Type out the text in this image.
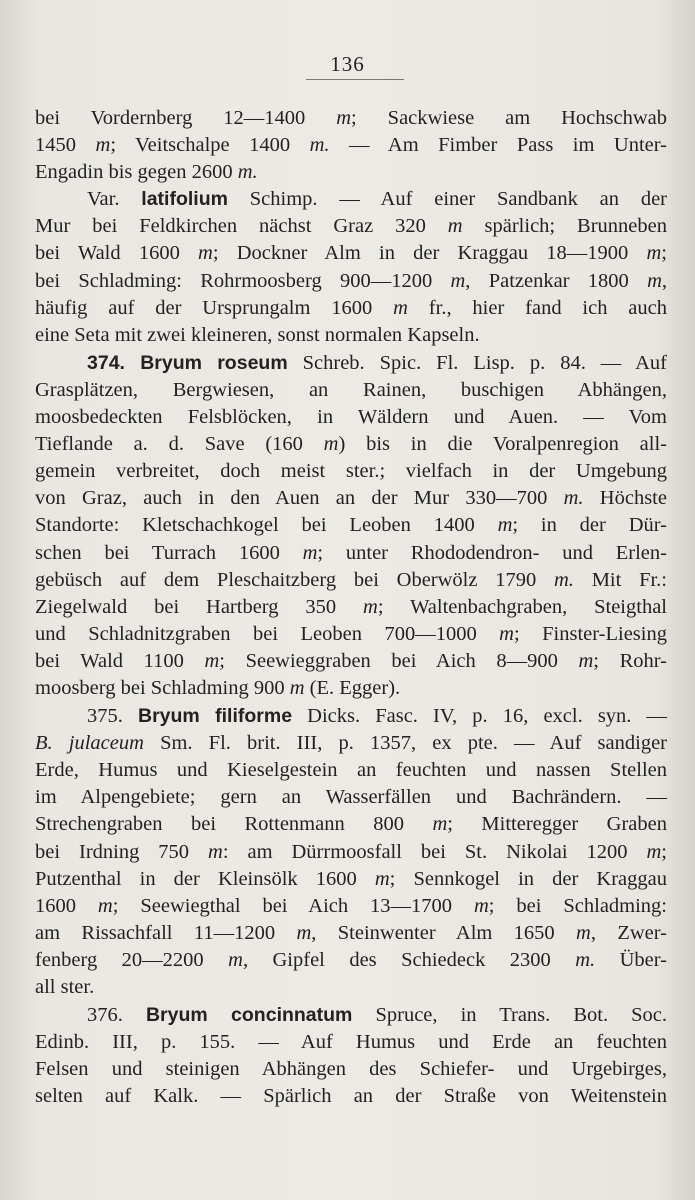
136
bei Vordernberg 12—1400 m; Sackwiese am Hochschwab
1450 m; Veitschalpe 1400 m. — Am Fimber Pass im Unter-
Engadin bis gegen 2600 m.
Var. latifolium Schimp. — Auf einer Sandbank an der
Mur bei Feldkirchen nächst Graz 320 m spärlich; Brunneben
bei Wald 1600 m; Dockner Alm in der Kraggau 18—1900 m;
bei Schladming: Rohrmoosberg 900—1200 m, Patzenkar 1800 m,
häufig auf der Ursprungalm 1600 m fr., hier fand ich auch
eine Seta mit zwei kleineren, sonst normalen Kapseln.
374. Bryum roseum Schreb. Spic. Fl. Lisp. p. 84. — Auf
Grasplätzen, Bergwiesen, an Rainen, buschigen Abhängen,
moosbedeckten Felsblöcken, in Wäldern und Auen. — Vom
Tieflande a. d. Save (160 m) bis in die Voralpenregion all-
gemein verbreitet, doch meist ster.; vielfach in der Umgebung
von Graz, auch in den Auen an der Mur 330—700 m. Höchste
Standorte: Kletschachkogel bei Leoben 1400 m; in der Dür-
schen bei Turrach 1600 m; unter Rhododendron- und Erlen-
gebüsch auf dem Pleschaitzberg bei Oberwölz 1790 m. Mit Fr.:
Ziegelwald bei Hartberg 350 m; Waltenbachgraben, Steigthal
und Schladnitzgraben bei Leoben 700—1000 m; Finster-Liesing
bei Wald 1100 m; Seewieggraben bei Aich 8—900 m; Rohr-
moosberg bei Schladming 900 m (E. Egger).
375. Bryum filiforme Dicks. Fasc. IV, p. 16, excl. syn. —
B. julaceum Sm. Fl. brit. III, p. 1357, ex pte. — Auf sandiger
Erde, Humus und Kieselgestein an feuchten und nassen Stellen
im Alpengebiete; gern an Wasserfällen und Bachrändern. —
Strechengraben bei Rottenmann 800 m; Mitteregger Graben
bei Irdning 750 m: am Dürrmoosfall bei St. Nikolai 1200 m;
Putzenthal in der Kleinsölk 1600 m; Sennkogel in der Kraggau
1600 m; Seewiegthal bei Aich 13—1700 m; bei Schladming:
am Rissachfall 11—1200 m, Steinwenter Alm 1650 m, Zwer-
fenberg 20—2200 m, Gipfel des Schiedeck 2300 m. Über-
all ster.
376. Bryum concinnatum Spruce, in Trans. Bot. Soc.
Edinb. III, p. 155. — Auf Humus und Erde an feuchten
Felsen und steinigen Abhängen des Schiefer- und Urgebirges,
selten auf Kalk. — Spärlich an der Straße von Weitenstein
